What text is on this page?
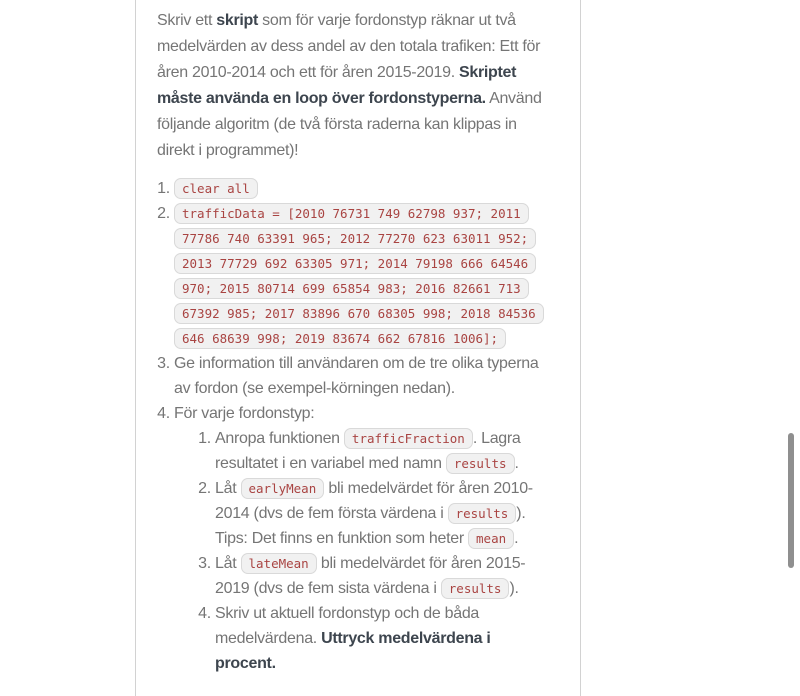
Skriv ett skript som för varje fordonstyp räknar ut två medelvärden av dess andel av den totala trafiken: Ett för åren 2010-2014 och ett för åren 2015-2019. Skriptet måste använda en loop över fordonstyperna. Använd följande algoritm (de två första raderna kan klippas in direkt i programmet)!

1. clear all
2. trafficData = [2010 76731 749 62798 937; 2011 77786 740 63391 965; 2012 77270 623 63011 952; 2013 77729 692 63305 971; 2014 79198 666 64546 970; 2015 80714 699 65854 983; 2016 82661 713 67392 985; 2017 83896 670 68305 998; 2018 84536 646 68639 998; 2019 83674 662 67816 1006];
3. Ge information till användaren om de tre olika typerna av fordon (se exempel-körningen nedan).
4. För varje fordonstyp:
1. Anropa funktionen trafficFraction . Lagra resultatet i en variabel med namn results .
2. Låt earlyMean bli medelvärdet för åren 2010-2014 (dvs de fem första värdena i results ). Tips: Det finns en funktion som heter mean .
3. Låt lateMean bli medelvärdet för åren 2015-2019 (dvs de fem sista värdena i results ).
4. Skriv ut aktuell fordonstyp och de båda medelvärdena. Uttryck medelvärdena i procent.
